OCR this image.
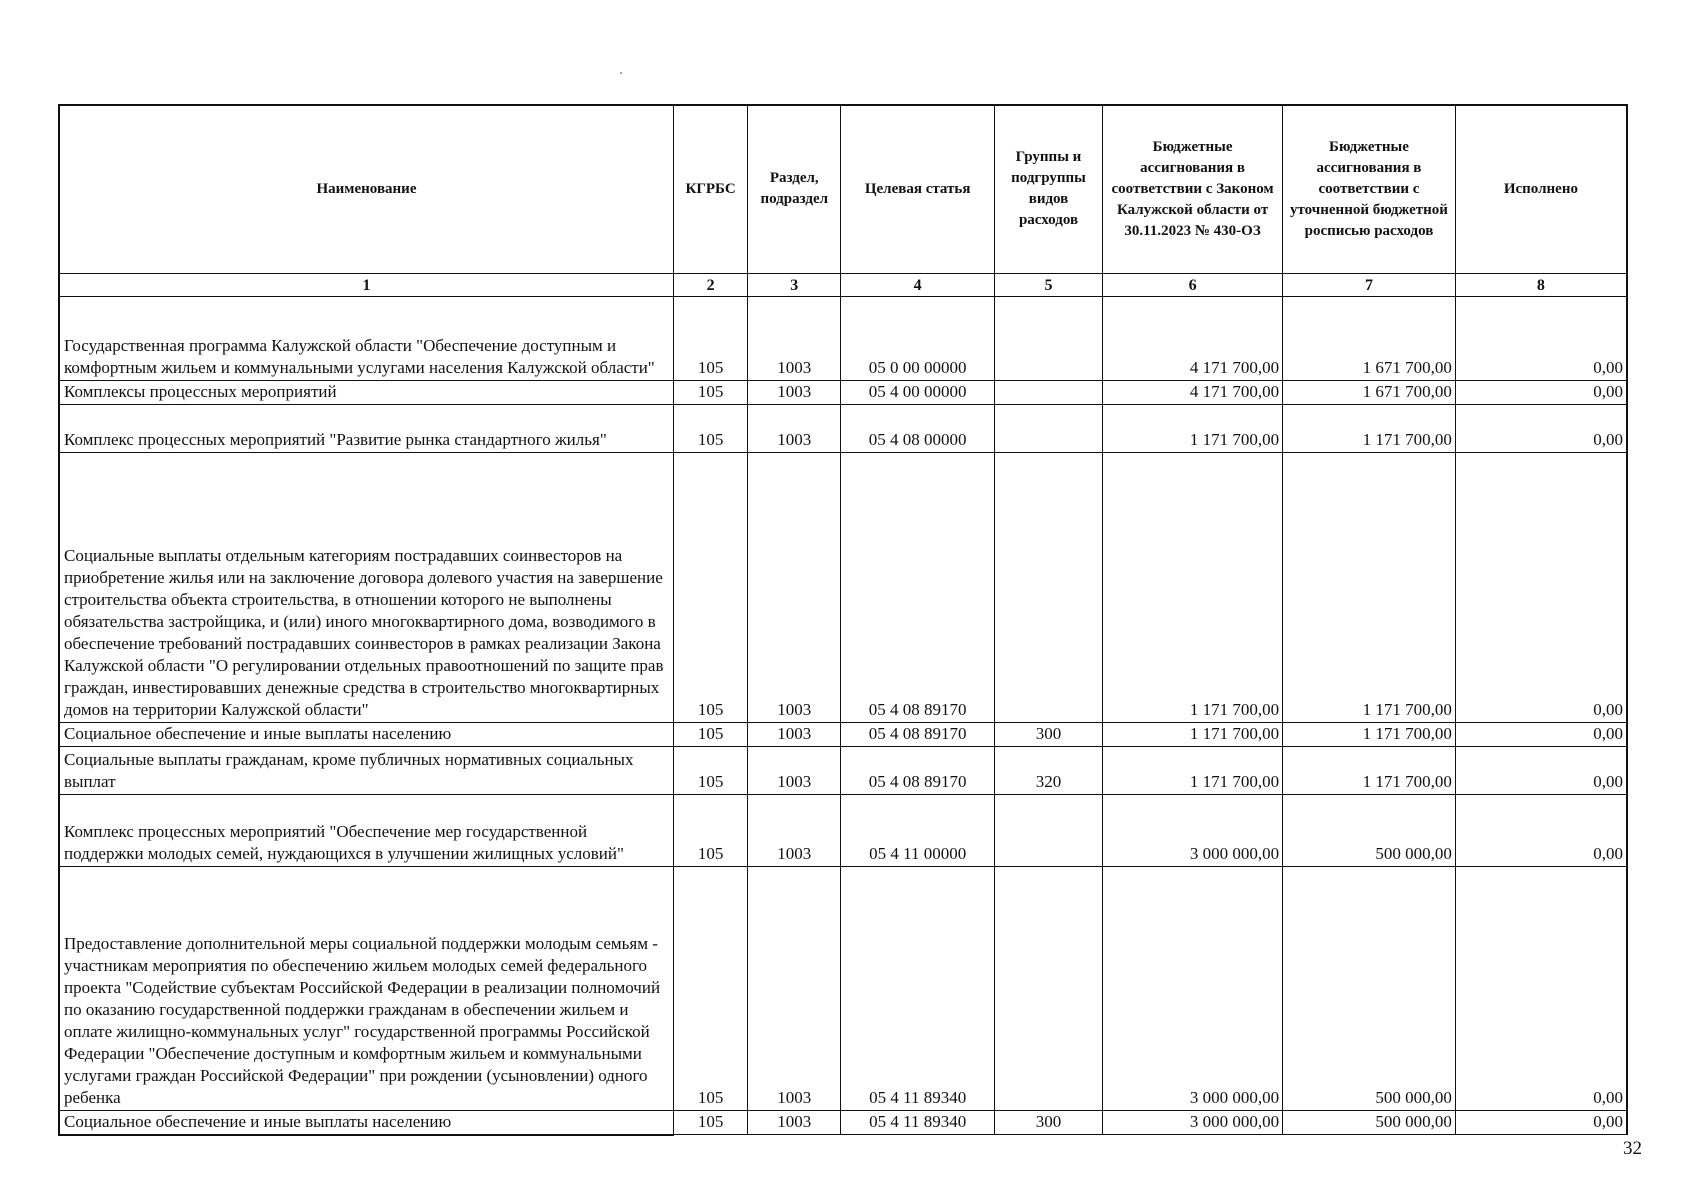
Наименование	КГРБС	Раздел, подраздел	Целевая статья	Группы и подгруппы видов расходов	Бюджетные ассигнования в соответствии с Законом Калужской области от 30.11.2023 № 430-ОЗ	Бюджетные ассигнования в соответствии с уточненной бюджетной росписью расходов	Исполнено
1	2	3	4	5	6	7	8
Государственная программа Калужской области "Обеспечение доступным и комфортным жильем и коммунальными услугами населения Калужской области"	105	1003	05 0 00 00000		4 171 700,00	1 671 700,00	0,00
Комплексы процессных мероприятий	105	1003	05 4 00 00000		4 171 700,00	1 671 700,00	0,00
Комплекс процессных мероприятий "Развитие рынка стандартного жилья"	105	1003	05 4 08 00000		1 171 700,00	1 171 700,00	0,00
Социальные выплаты отдельным категориям пострадавших соинвесторов на приобретение жилья или на заключение договора долевого участия на завершение строительства объекта строительства, в отношении которого не выполнены обязательства застройщика, и (или) иного многоквартирного дома, возводимого в обеспечение требований пострадавших соинвесторов в рамках реализации Закона Калужской области "О регулировании отдельных правоотношений по защите прав граждан, инвестировавших денежные средства в строительство многоквартирных домов на территории Калужской области"	105	1003	05 4 08 89170		1 171 700,00	1 171 700,00	0,00
Социальное обеспечение и иные выплаты населению	105	1003	05 4 08 89170	300	1 171 700,00	1 171 700,00	0,00
Социальные выплаты гражданам, кроме публичных нормативных социальных выплат	105	1003	05 4 08 89170	320	1 171 700,00	1 171 700,00	0,00
Комплекс процессных мероприятий "Обеспечение мер государственной поддержки молодых семей, нуждающихся в улучшении жилищных условий"	105	1003	05 4 11 00000		3 000 000,00	500 000,00	0,00
Предоставление дополнительной меры социальной поддержки молодым семьям - участникам мероприятия по обеспечению жильем молодых семей федерального проекта "Содействие субъектам Российской Федерации в реализации полномочий по оказанию государственной поддержки гражданам в обеспечении жильем и оплате жилищно-коммунальных услуг" государственной программы Российской Федерации "Обеспечение доступным и комфортным жильем и коммунальными услугами граждан Российской Федерации" при рождении (усыновлении) одного ребенка	105	1003	05 4 11 89340		3 000 000,00	500 000,00	0,00
Социальное обеспечение и иные выплаты населению	105	1003	05 4 11 89340	300	3 000 000,00	500 000,00	0,00
32
